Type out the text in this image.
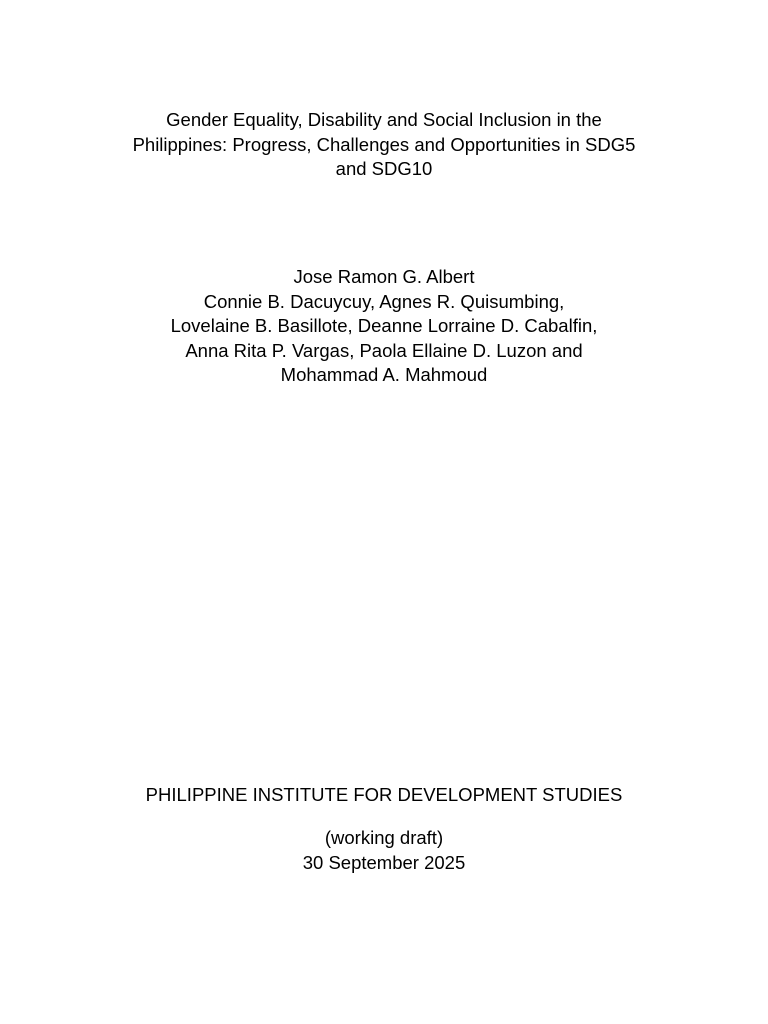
Gender Equality, Disability and Social Inclusion in the
Philippines: Progress, Challenges and Opportunities in SDG5
and SDG10
Jose Ramon G. Albert
Connie B. Dacuycuy, Agnes R. Quisumbing,
Lovelaine B. Basillote, Deanne Lorraine D. Cabalfin,
Anna Rita P. Vargas, Paola Ellaine D. Luzon and
Mohammad A. Mahmoud
PHILIPPINE INSTITUTE FOR DEVELOPMENT STUDIES
(working draft)
30 September 2025
